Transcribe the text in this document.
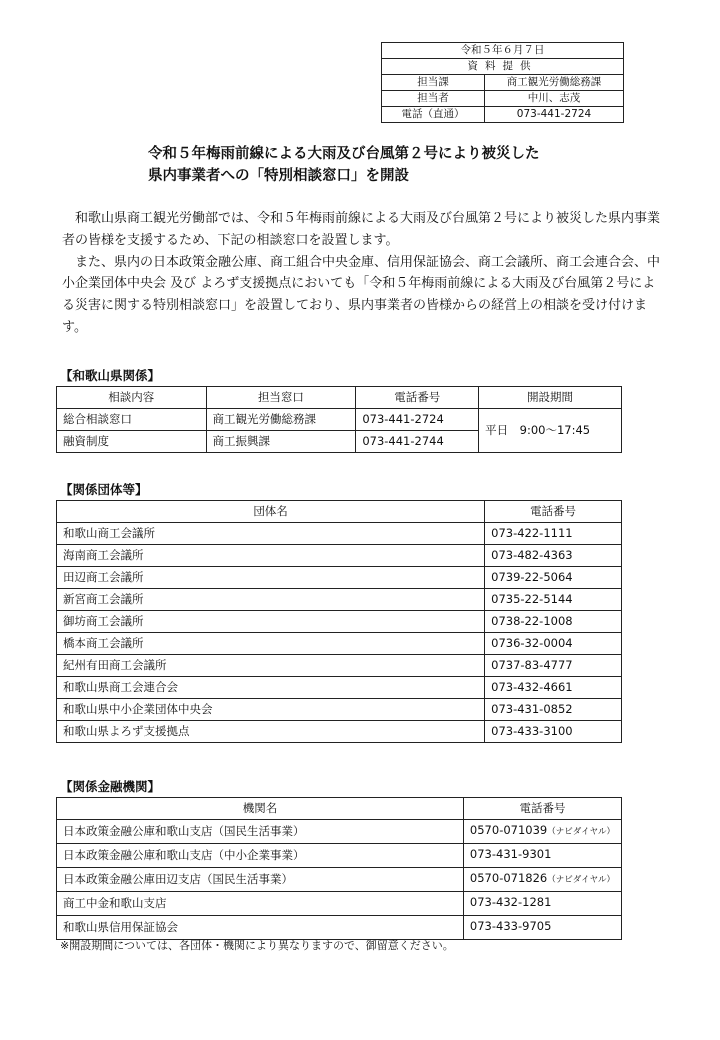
令和５年６月７日	
資料提供	
担当課	商工観光労働総務課
担当者	中川、志茂
電話（直通）	073-441-2724
令和５年梅雨前線による大雨及び台風第２号により被災した
県内事業者への「特別相談窓口」を開設

和歌山県商工観光労働部では、令和５年梅雨前線による大雨及び台風第２号により被災した県内事業者の皆様を支援するため、下記の相談窓口を設置します。

また、県内の日本政策金融公庫、商工組合中央金庫、信用保証協会、商工会議所、商工会連合会、中小企業団体中央会 及び よろず支援拠点においても「令和５年梅雨前線による大雨及び台風第２号による災害に関する特別相談窓口」を設置しており、県内事業者の皆様からの経営上の相談を受け付けます。

【和歌山県関係】
相談内容	担当窓口	電話番号	開設期間
総合相談窓口	商工観光労働総務課	073-441-2724	平日　9:00～17:45
融資制度	商工振興課	073-441-2744	
【関係団体等】
団体名	電話番号
和歌山商工会議所	073-422-1111
海南商工会議所	073-482-4363
田辺商工会議所	0739-22-5064
新宮商工会議所	0735-22-5144
御坊商工会議所	0738-22-1008
橋本商工会議所	0736-32-0004
紀州有田商工会議所	0737-83-4777
和歌山県商工会連合会	073-432-4661
和歌山県中小企業団体中央会	073-431-0852
和歌山県よろず支援拠点	073-433-3100
【関係金融機関】
機関名	電話番号
日本政策金融公庫和歌山支店（国民生活事業）	0570-071039（ナビダイヤル）
日本政策金融公庫和歌山支店（中小企業事業）	073-431-9301
日本政策金融公庫田辺支店（国民生活事業）	0570-071826（ナビダイヤル）
商工中金和歌山支店	073-432-1281
和歌山県信用保証協会	073-433-9705
※開設期間については、各団体・機関により異なりますので、御留意ください。
